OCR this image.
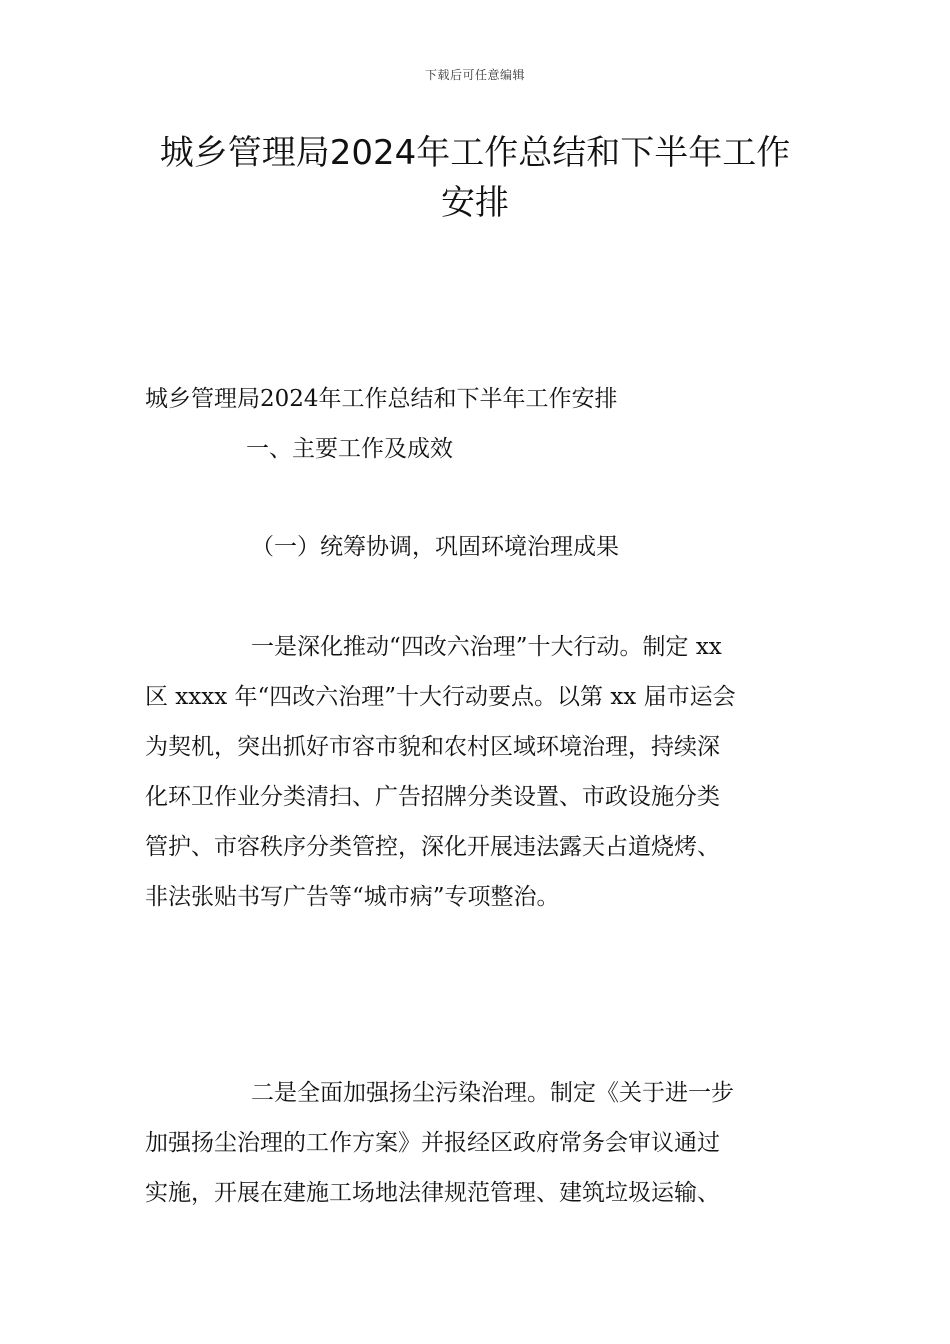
下载后可任意编辑
城乡管理局2024年工作总结和下半年工作
安排
城乡管理局2024年工作总结和下半年工作安排
一、主要工作及成效
（一）统筹协调，巩固环境治理成果
一是深化推动“四改六治理”十大行动。制定 xx
区 xxxx 年“四改六治理”十大行动要点。以第 xx 届市运会
为契机，突出抓好市容市貌和农村区域环境治理，持续深
化环卫作业分类清扫、广告招牌分类设置、市政设施分类
管护、市容秩序分类管控，深化开展违法露天占道烧烤、
非法张贴书写广告等“城市病”专项整治。
二是全面加强扬尘污染治理。制定《关于进一步
加强扬尘治理的工作方案》并报经区政府常务会审议通过
实施，开展在建施工场地法律规范管理、建筑垃圾运输、
